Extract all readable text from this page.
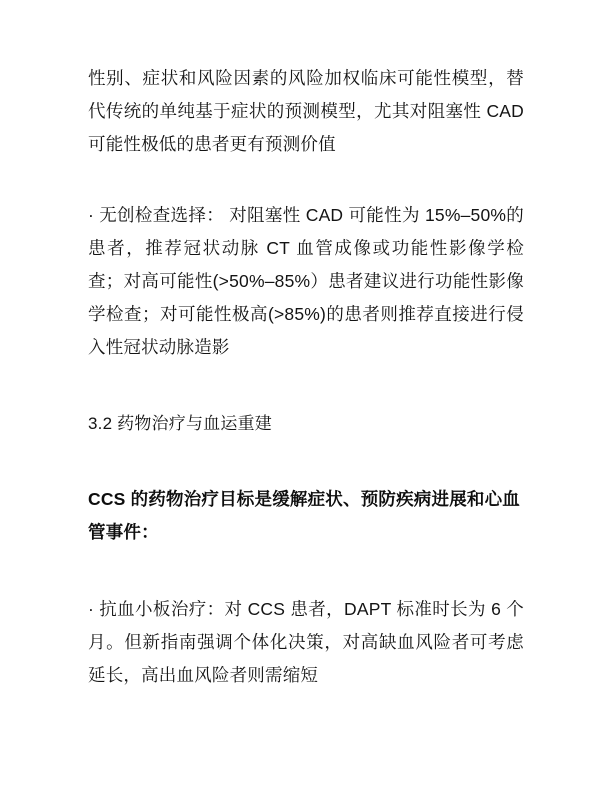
性别、症状和风险因素的风险加权临床可能性模型，替代传统的单纯基于症状的预测模型，尤其对阻塞性 CAD 可能性极低的患者更有预测价值

· 无创检查选择： 对阻塞性 CAD 可能性为 15%–50%的患者，推荐冠状动脉 CT 血管成像或功能性影像学检查；对高可能性(>50%–85%）患者建议进行功能性影像学检查；对可能性极高(>85%)的患者则推荐直接进行侵入性冠状动脉造影

3.2 药物治疗与血运重建

CCS 的药物治疗目标是缓解症状、预防疾病进展和心血管事件：

· 抗血小板治疗：对 CCS 患者，DAPT 标准时长为 6 个月。但新指南强调个体化决策，对高缺血风险者可考虑延长，高出血风险者则需缩短
